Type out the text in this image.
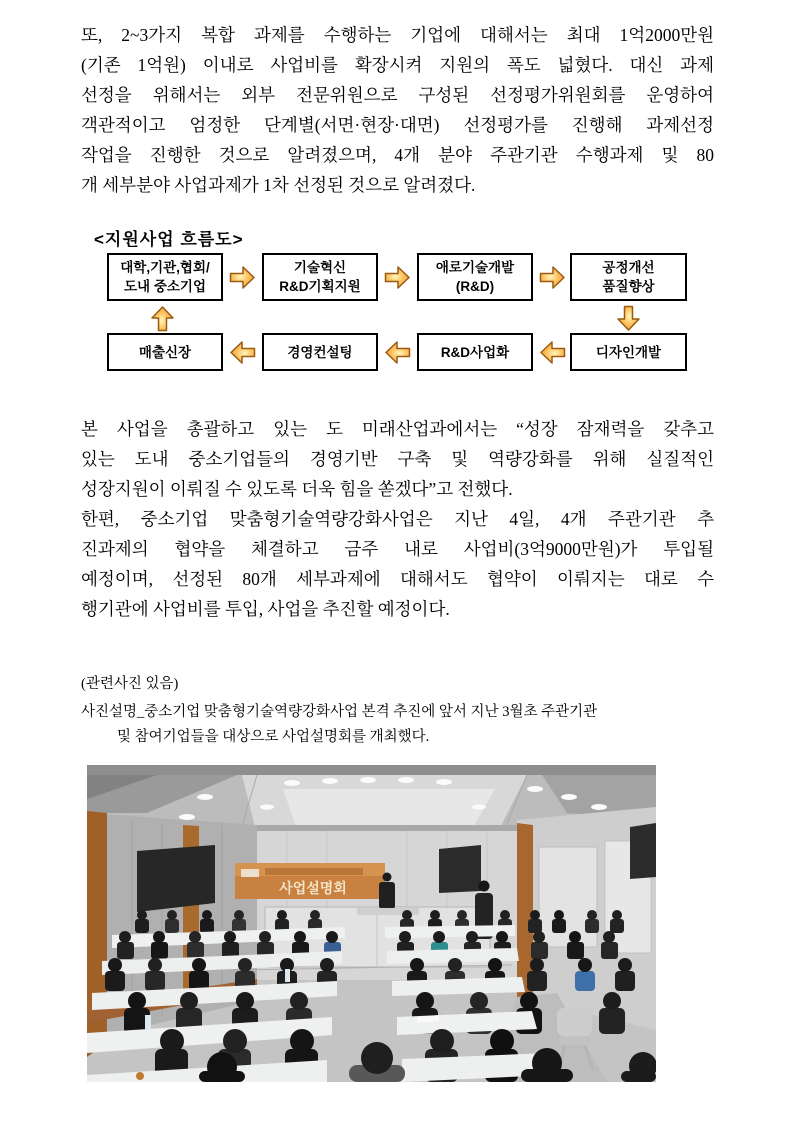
또, 2~3가지 복합 과제를 수행하는 기업에 대해서는 최대 1억2000만원
(기존 1억원) 이내로 사업비를 확장시켜 지원의 폭도 넓혔다. 대신 과제
선정을 위해서는 외부 전문위원으로 구성된 선정평가위원회를 운영하여
객관적이고 엄정한 단계별(서면·현장·대면) 선정평가를 진행해 과제선정
작업을 진행한 것으로 알려졌으며, 4개 분야 주관기관 수행과제 및 80
개 세부분야 사업과제가 1차 선정된 것으로 알려졌다.
<지원사업 흐름도>
대학,기관,협회/
도내 중소기업
기술혁신
R&D기획지원
애로기술개발
(R&D)
공정개선
품질향상
매출신장	경영컨설팅	R&D사업화	디자인개발
본 사업을 총괄하고 있는 도 미래산업과에서는 “성장 잠재력을 갖추고
있는 도내 중소기업들의 경영기반 구축 및 역량강화를 위해 실질적인
성장지원이 이뤄질 수 있도록 더욱 힘을 쏟겠다”고 전했다.
한편, 중소기업 맞춤형기술역량강화사업은 지난 4일, 4개 주관기관 추
진과제의 협약을 체결하고 금주 내로 사업비(3억9000만원)가 투입될
예정이며, 선정된 80개 세부과제에 대해서도 협약이 이뤄지는 대로 수
행기관에 사업비를 투입, 사업을 추진할 예정이다.
(관련사진 있음)
사진설명_중소기업 맞춤형기술역량강화사업 본격 추진에 앞서 지난 3월초 주관기관
및 참여기업들을 대상으로 사업설명회를 개최했다.
사업설명회
